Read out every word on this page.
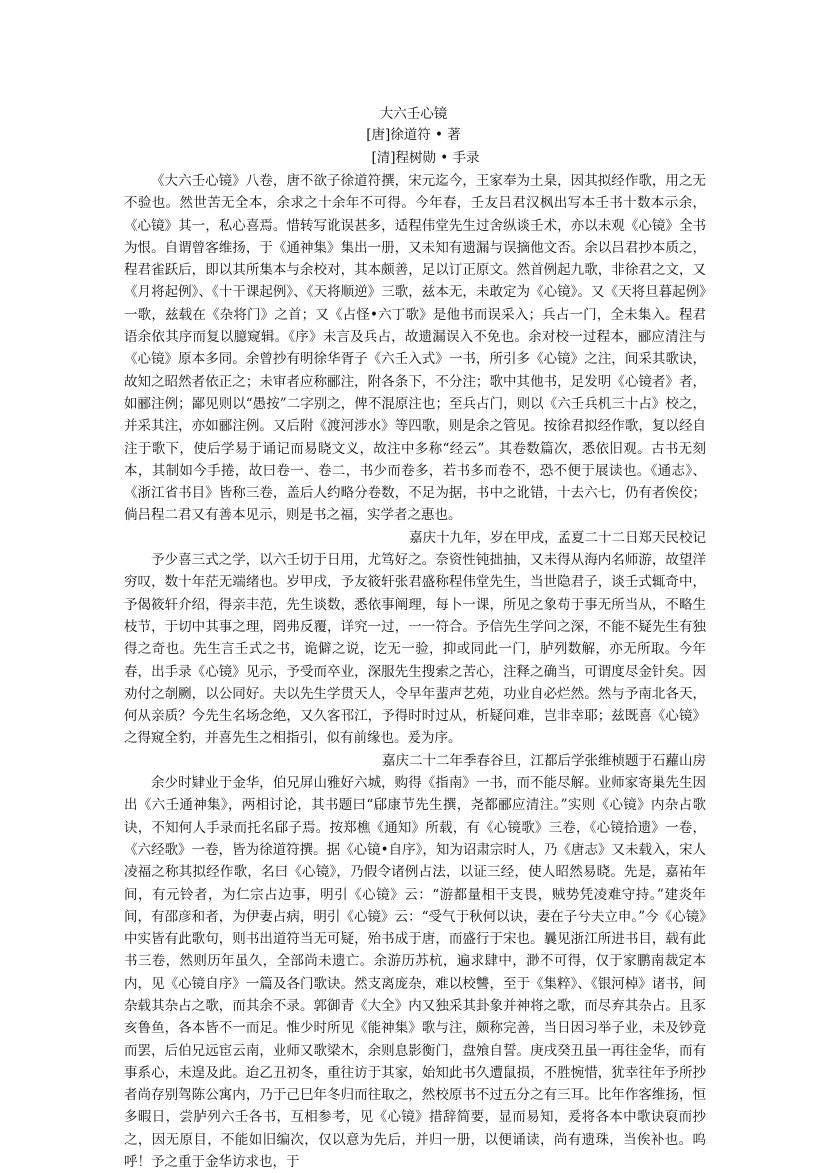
大六壬心镜
[唐]徐道符 • 著
[清]程树勋 • 手录

《大六壬心镜》八卷，唐不欲子徐道符撰，宋元迄今，王家奉为土臬，因其拟经作歌，用之无不验也。然世苦无全本，余求之十余年不可得。今年春，壬友吕君汉枫出写本壬书十数本示余，《心镜》其一，私心喜焉。惜转写讹误甚多，适程伟堂先生过舍纵谈壬术，亦以未观《心镜》全书为恨。自谓曾客维扬，于《通神集》集出一册，又未知有遗漏与误摘他文否。余以吕君抄本质之，程君雀跃后，即以其所集本与余校对，其本颇善，足以订正原文。然首例起九歌，非徐君之文，又《月将起例》、《十干课起例》、《天将顺逆》三歌，兹本无，未敢定为《心镜》。又《天将旦暮起例》一歌，兹载在《杂将门》之首；又《占怪•六丁歌》是他书而误采入；兵占一门，全未集入。程君语余依其序而复以臆窥辑。《序》未言及兵占，故遗漏误入不免也。余对校一过程本，郦应清注与《心镜》原本多同。余曾抄有明徐华胥子《六壬入式》一书，所引多《心镜》之注，间采其歌诀，故知之昭然者依正之；未审者应称郦注，附各条下，不分注；歌中其他书，足发明《心镜者》者，如郦注例；鄙见则以“愚按”二字别之，俾不混原注也；至兵占门，则以《六壬兵机三十占》校之，并采其注，亦如郦注例。又后附《渡河涉水》等四歌，则是余之管见。按徐君拟经作歌，复以经自注于歌下，使后学易于诵记而易晓文义，故注中多称“经云”。其卷数篇次，悉依旧观。古书无刻本，其制如今手捲，故曰卷一、卷二，书少而卷多，若书多而卷不，恐不便于展读也。《通志》、《浙江省书目》皆称三卷，盖后人约略分卷数，不足为据，书中之讹错，十去六七，仍有者俟佼；倘吕程二君又有善本见示，则是书之福，实学者之惠也。

嘉庆十九年，岁在甲戌，孟夏二十二日郑天民校记

予少喜三式之学，以六壬切于日用，尤笃好之。奈资性钝拙抽，又未得从海内名师游，故望洋穷叹，数十年茫无端绪也。岁甲戌，予友筱轩张君盛称程伟堂先生，当世隐君子，谈壬式辄奇中，予偈筱轩介绍，得亲丰范，先生谈数，悉依事阐理，每卜一课，所见之象苟于事无所当从，不略生枝节，于切中其事之理，罔弗反覆，详究一过，一一符合。予信先生学问之深，不能不疑先生有独得之奇也。先生言壬式之书，诡僻之说，讫无一验，抑或同此一门，胪列数解，亦无所取。今年春，出手录《心镜》见示，予受而卒业，深服先生搜索之苦心，注释之确当，可谓度尽金针矣。因劝付之剞劂，以公同好。夫以先生学贯天人，令早年蜚声艺苑，功业自必烂然。然与予南北各天，何从亲质？今先生名场念绝，又久客邗江，予得时时过从，析疑问难，岂非幸耶；兹既喜《心镜》之得窥全豹，并喜先生之相指引，似有前缘也。爰为序。

嘉庆二十二年季春谷旦，江都后学张维桢题于石蘿山房

余少时肄业于金华，伯兄屏山雅好六城，购得《指南》一书，而不能尽解。业师家寄巢先生因出《六壬通神集》，两相讨论，其书题曰“郈康节先生撰，尧都郦应清注。”实则《心镜》内杂占歌诀，不知何人手录而托名郈子焉。按郑樵《通知》所载，有《心镜歌》三卷，《心镜拾遗》一卷，《六经歌》一卷，皆为徐道符撰。据《心镜•自序》，知为诏肃宗时人，乃《唐志》又未载入，宋人凌福之称其拟经作歌，名曰《心镜》，乃假令诸例占法，以证三经，使人昭然易晓。先是，嘉祐年间，有元铃者，为仁宗占边事，明引《心镜》云：“游都量相干支畏，贼势凭凌难守持。”建炎年间，有邵彦和者，为伊妻占病，明引《心镜》云：“受气于秋何以诀，妻在子兮夫立申。”今《心镜》中实皆有此歌句，则书出道符当无可疑，殆书成于唐，而盛行于宋也。曩见浙江所进书目，载有此书三卷，然则历年虽久，全部尚未遗亡。余游历苏杭，遍求肆中，渺不可得，仅于家鹏南裁定本内，见《心镜自序》一篇及各门歌诀。然支离庞杂，难以校讐，至于《集粹》、《银河棹》诸书，间杂载其杂占之歌，而其余不录。郭御青《大全》内又独采其卦象并神将之歌，而尽弃其杂占。且豕亥鲁鱼，各本皆不一而足。惟少时所见《能神集》歌与注，颇称完善，当日因习举子业，未及钞竟而罢，后伯兄远宦云南，业师又歌梁木，余则息影衡门，盘飧自誓。庚戌癸丑虽一再往金华，而有事系心，未遑及此。迨乙丑初冬，重往访于其家，始知此书久遭鼠损，不胜惋惜，犹幸往年予所抄者尚存别驾陈公寓内，乃于己巳年冬归而往取之，然校原书不过五分之有三耳。比年作客维扬，恒多暇日，尝胪列六壬各书，互相参考，见《心镜》措辞简要，显而易知，爰将各本中歌诀裒而抄之，因无原目，不能如旧编次，仅以意为先后，并归一册，以便诵读，尚有遗珠，当俟补也。呜呼！予之重于金华访求也，于
